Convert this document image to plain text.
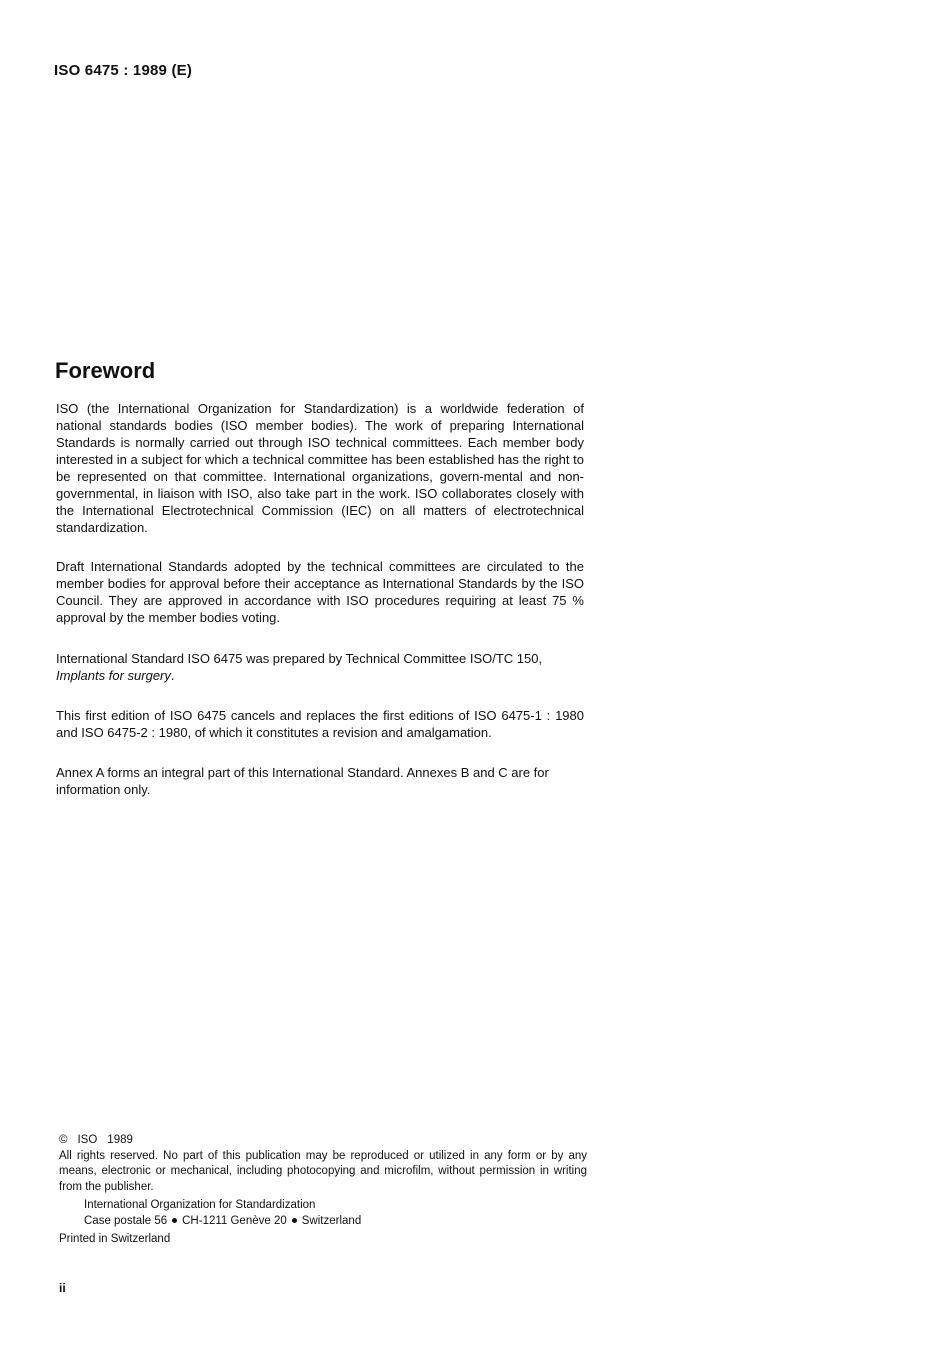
ISO 6475 : 1989 (E)

Foreword

ISO (the International Organization for Standardization) is a worldwide federation of national standards bodies (ISO member bodies). The work of preparing International Standards is normally carried out through ISO technical committees. Each member body interested in a subject for which a technical committee has been established has the right to be represented on that committee. International organizations, govern-mental and non-governmental, in liaison with ISO, also take part in the work. ISO collaborates closely with the International Electrotechnical Commission (IEC) on all matters of electrotechnical standardization.

Draft International Standards adopted by the technical committees are circulated to the member bodies for approval before their acceptance as International Standards by the ISO Council. They are approved in accordance with ISO procedures requiring at least 75 % approval by the member bodies voting.

International Standard ISO 6475 was prepared by Technical Committee ISO/TC 150,
Implants for surgery.

This first edition of ISO 6475 cancels and replaces the first editions of ISO 6475-1 : 1980 and ISO 6475-2 : 1980, of which it constitutes a revision and amalgamation.

Annex A forms an integral part of this International Standard. Annexes B and C are for information only.

© ISO 1989

All rights reserved. No part of this publication may be reproduced or utilized in any form or by any means, electronic or mechanical, including photocopying and microfilm, without permission in writing from the publisher.

International Organization for Standardization

Case postale 56 CH-1211 Genève 20 Switzerland

Printed in Switzerland

ii
